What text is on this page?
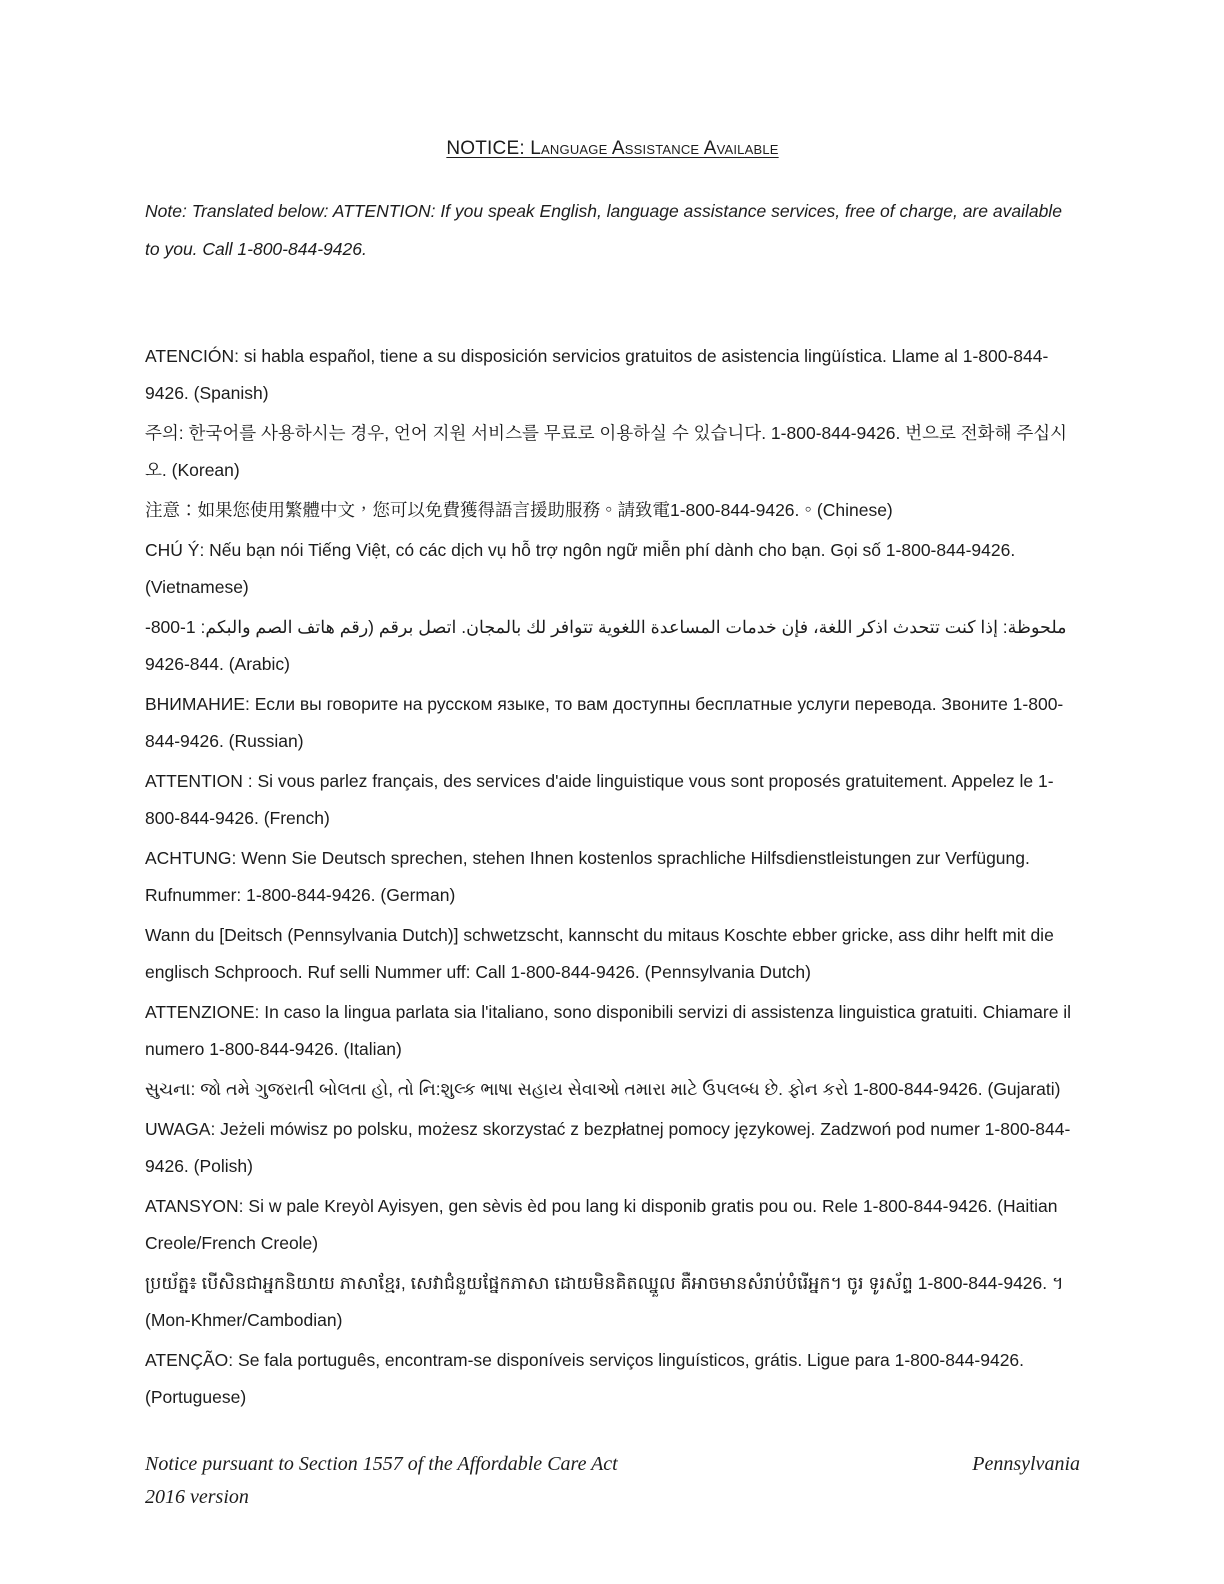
NOTICE: Language Assistance Available

Note: Translated below: ATTENTION: If you speak English, language assistance services, free of charge, are available to you. Call 1-800-844-9426.

ATENCIÓN: si habla español, tiene a su disposición servicios gratuitos de asistencia lingüística. Llame al 1-800-844-9426. (Spanish)

주의: 한국어를 사용하시는 경우, 언어 지원 서비스를 무료로 이용하실 수 있습니다. 1-800-844-9426. 번으로 전화해 주십시오. (Korean)

注意：如果您使用繁體中文，您可以免費獲得語言援助服務。請致電1-800-844-9426.。(Chinese)

CHÚ Ý: Nếu bạn nói Tiếng Việt, có các dịch vụ hỗ trợ ngôn ngữ miễn phí dành cho bạn. Gọi số 1-800-844-9426. (Vietnamese)

ملحوظة: إذا كنت تتحدث اذكر اللغة، فإن خدمات المساعدة اللغوية تتوافر لك بالمجان. اتصل برقم (رقم هاتف الصم والبكم: 1-800-844-9426. (Arabic)

ВНИМАНИЕ: Если вы говорите на русском языке, то вам доступны бесплатные услуги перевода. Звоните 1-800-844-9426. (Russian)

ATTENTION : Si vous parlez français, des services d'aide linguistique vous sont proposés gratuitement. Appelez le 1-800-844-9426. (French)

ACHTUNG: Wenn Sie Deutsch sprechen, stehen Ihnen kostenlos sprachliche Hilfsdienstleistungen zur Verfügung. Rufnummer: 1-800-844-9426. (German)

Wann du [Deitsch (Pennsylvania Dutch)] schwetzscht, kannscht du mitaus Koschte ebber gricke, ass dihr helft mit die englisch Schprooch. Ruf selli Nummer uff: Call 1-800-844-9426. (Pennsylvania Dutch)

ATTENZIONE: In caso la lingua parlata sia l'italiano, sono disponibili servizi di assistenza linguistica gratuiti. Chiamare il numero 1-800-844-9426. (Italian)

સુચના: જો તમે ગુજરાતી બોલતા હો, તો નિ:શુલ્ક ભાષા સહાય સેવાઓ તમારા માટે ઉપલબ્ધ છે. ફોન કરો 1-800-844-9426. (Gujarati)

UWAGA: Jeżeli mówisz po polsku, możesz skorzystać z bezpłatnej pomocy językowej. Zadzwoń pod numer 1-800-844-9426. (Polish)

ATANSYON: Si w pale Kreyòl Ayisyen, gen sèvis èd pou lang ki disponib gratis pou ou. Rele 1-800-844-9426. (Haitian Creole/French Creole)

ប្រយ័ត្ន៖ បើសិនជាអ្នកនិយាយ ភាសាខ្មែរ, សេវាជំនួយផ្នែកភាសា ដោយមិនគិតឈ្នួល គឺអាចមានសំរាប់បំរើអ្នក។ ចូរ ទូរស័ព្ទ 1-800-844-9426. ។ (Mon-Khmer/Cambodian)

ATENÇÃO: Se fala português, encontram-se disponíveis serviços linguísticos, grátis. Ligue para 1-800-844-9426. (Portuguese)

Notice pursuant to Section 1557 of the Affordable Care Act	Pennsylvania
2016 version
